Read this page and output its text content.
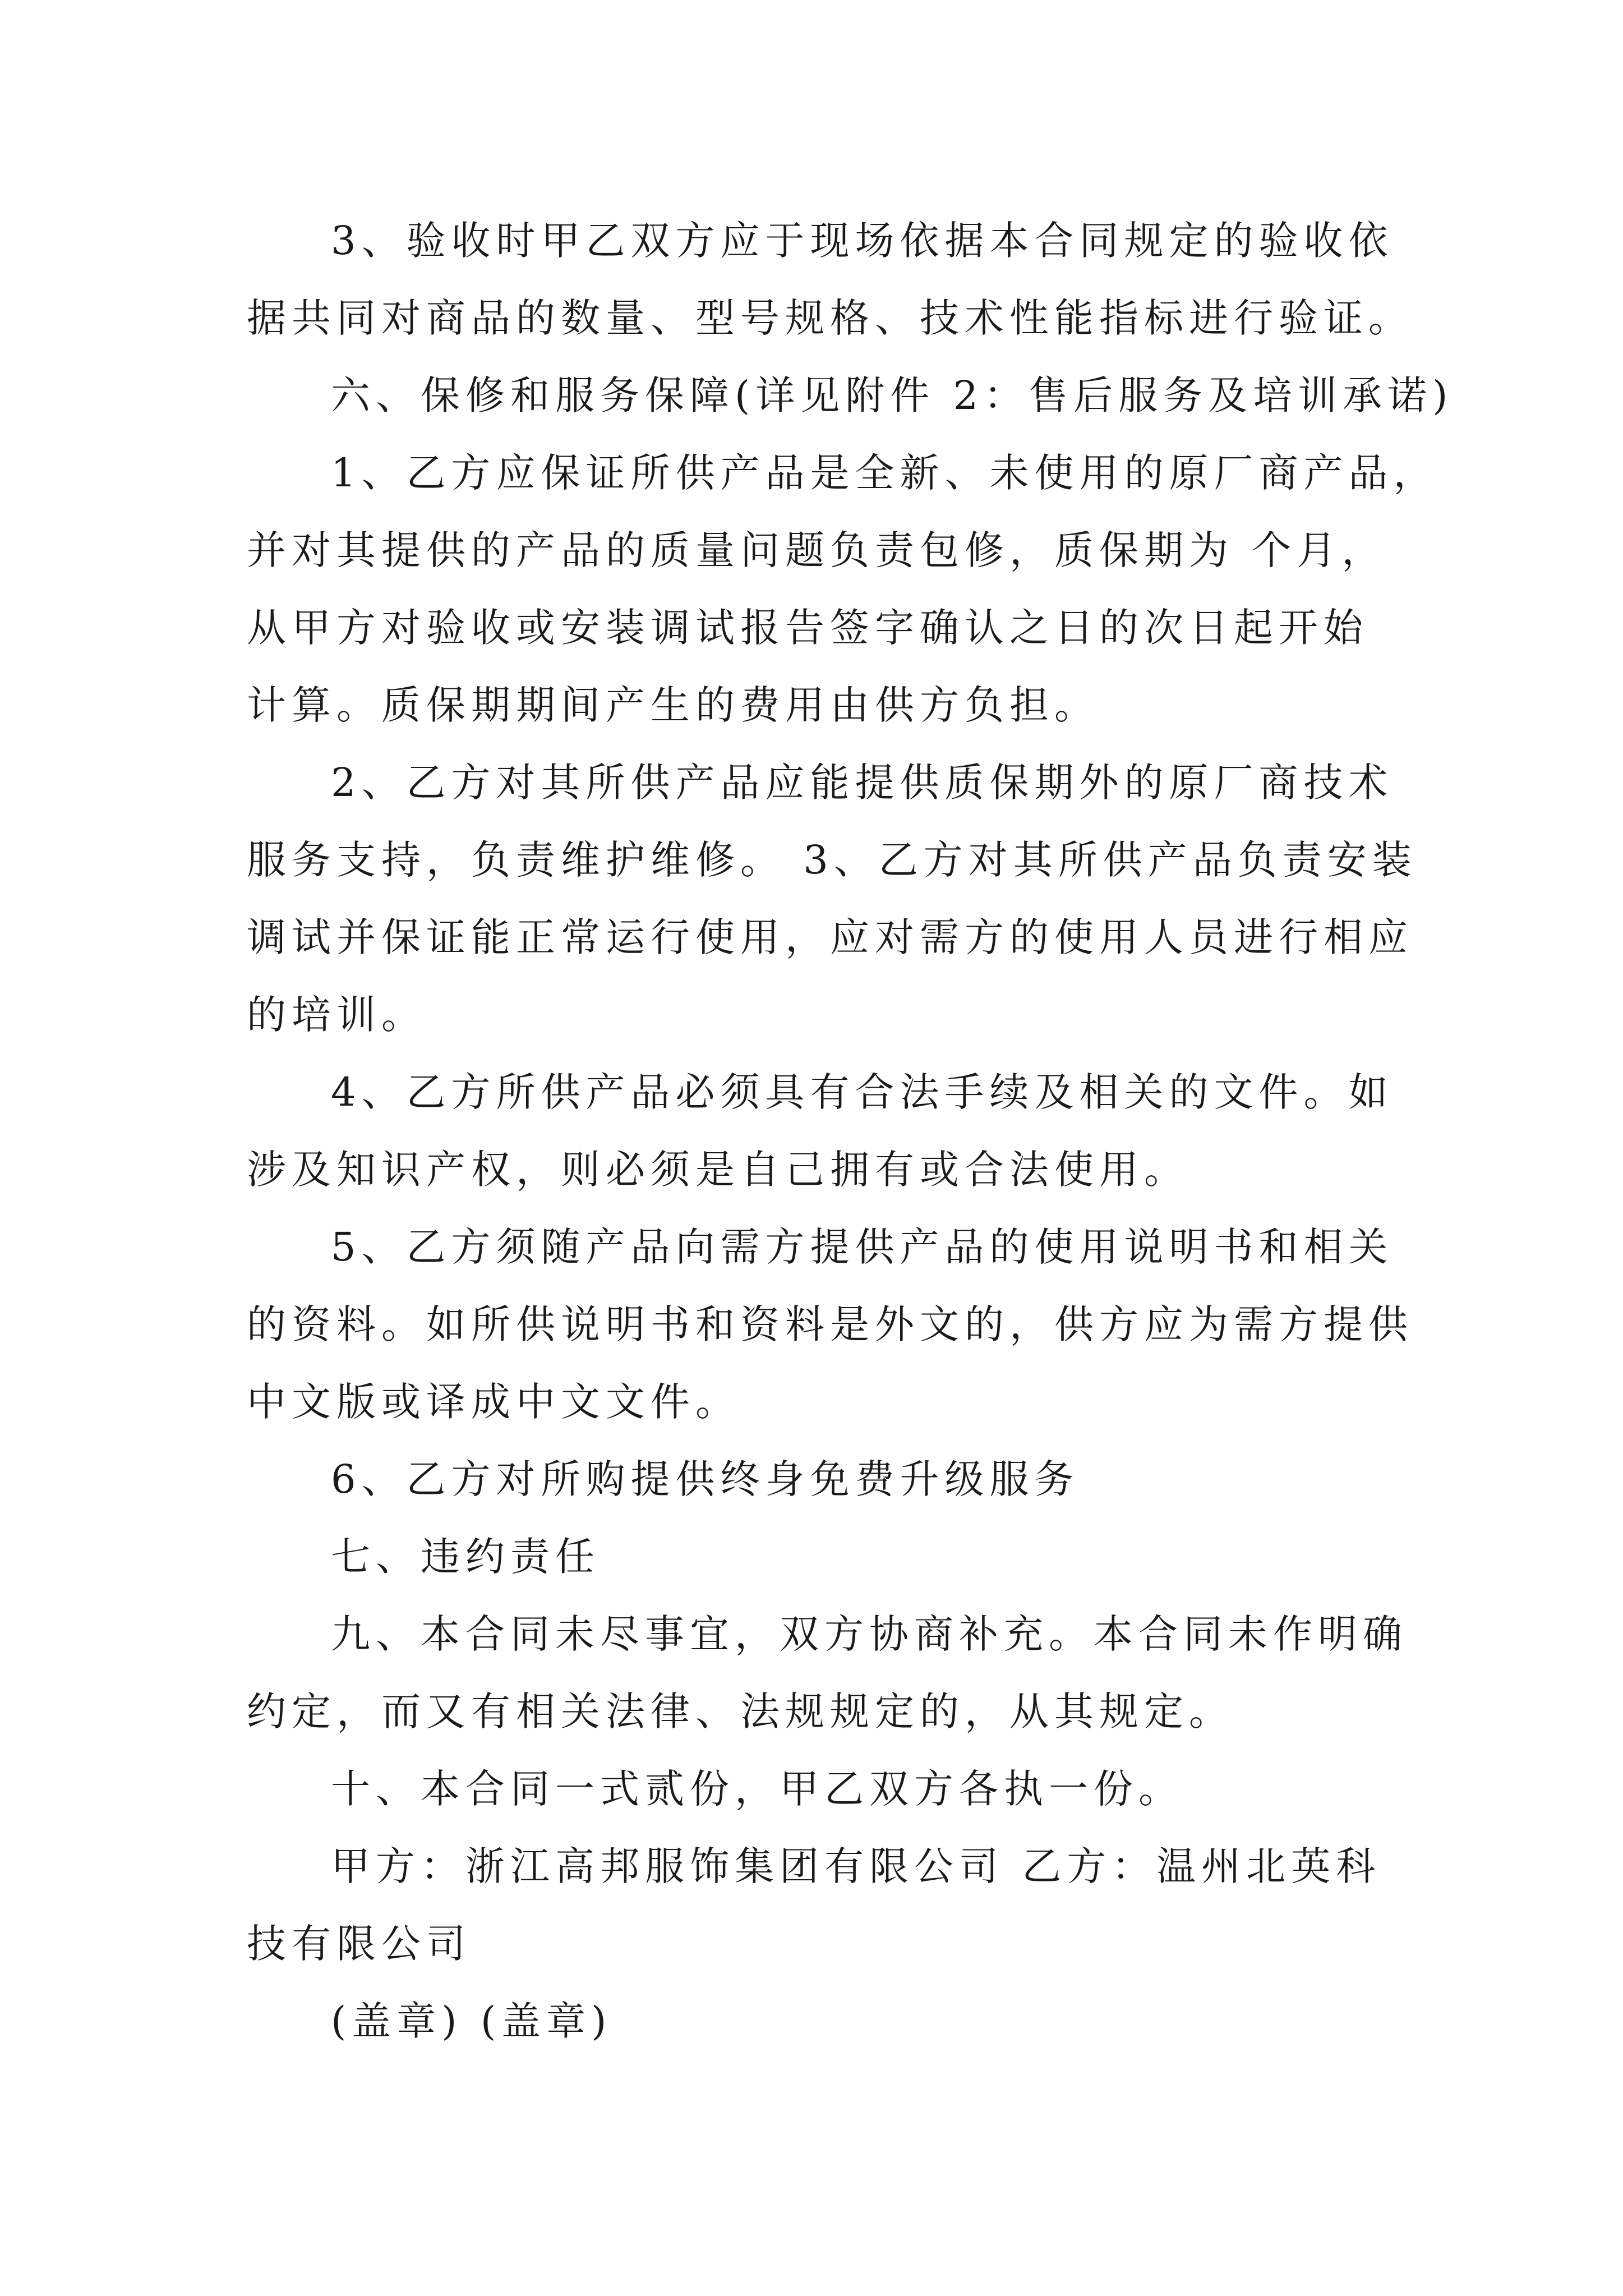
3、验收时甲乙双方应于现场依据本合同规定的验收依
据共同对商品的数量、型号规格、技术性能指标进行验证。
六、保修和服务保障(详见附件 2：售后服务及培训承诺)
1、乙方应保证所供产品是全新、未使用的原厂商产品，
并对其提供的产品的质量问题负责包修，质保期为 个月，
从甲方对验收或安装调试报告签字确认之日的次日起开始
计算。质保期期间产生的费用由供方负担。
2、乙方对其所供产品应能提供质保期外的原厂商技术
服务支持，负责维护维修。 3、乙方对其所供产品负责安装
调试并保证能正常运行使用，应对需方的使用人员进行相应
的培训。
4、乙方所供产品必须具有合法手续及相关的文件。如
涉及知识产权，则必须是自己拥有或合法使用。
5、乙方须随产品向需方提供产品的使用说明书和相关
的资料。如所供说明书和资料是外文的，供方应为需方提供
中文版或译成中文文件。
6、乙方对所购提供终身免费升级服务
七、违约责任
九、本合同未尽事宜，双方协商补充。本合同未作明确
约定，而又有相关法律、法规规定的，从其规定。
十、本合同一式贰份，甲乙双方各执一份。
甲方：浙江高邦服饰集团有限公司 乙方：温州北英科
技有限公司
(盖章) (盖章)
